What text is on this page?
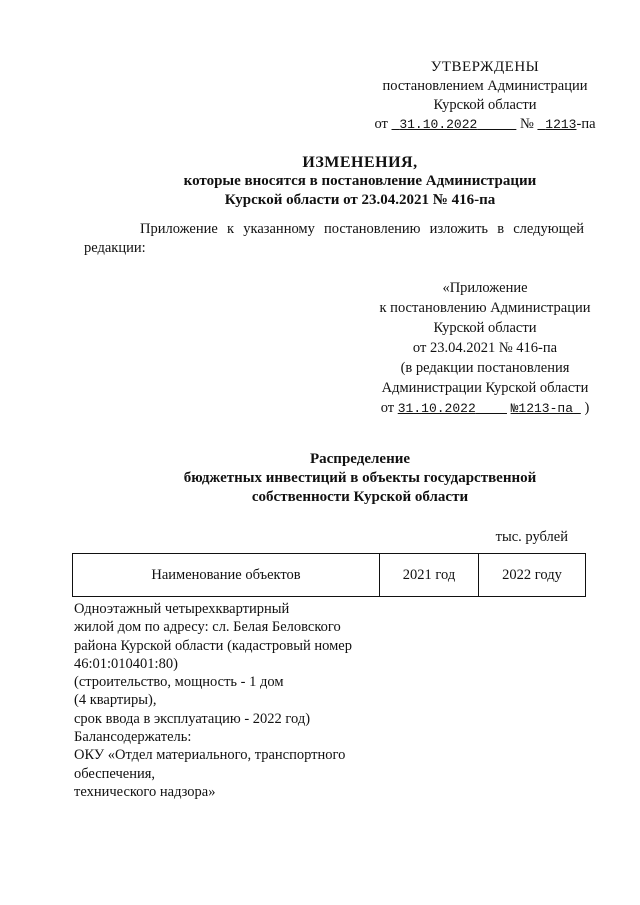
УТВЕРЖДЕНЫ
постановлением Администрации
Курской области
от 31.10.2022	№ 1213-па
ИЗМЕНЕНИЯ,
которые вносятся в постановление Администрации
Курской области от 23.04.2021 № 416-па
Приложение к указанному постановлению изложить в следующей редакции:
«Приложение
к постановлению Администрации
Курской области
от 23.04.2021 № 416-па
(в редакции постановления
Администрации Курской области
от 31.10.2022	№1213-па )
Распределение
бюджетных инвестиций в объекты государственной
собственности Курской области
тыс. рублей
Наименование объектов	2021 год	2022 году
Одноэтажный четырехквартирный
жилой дом по адресу: сл. Белая Беловского
района Курской области (кадастровый номер
46:01:010401:80)
(строительство, мощность - 1 дом
(4 квартиры),
срок ввода в эксплуатацию - 2022 год)
Балансодержатель:
ОКУ «Отдел материального, транспортного
обеспечения,
технического надзора»
